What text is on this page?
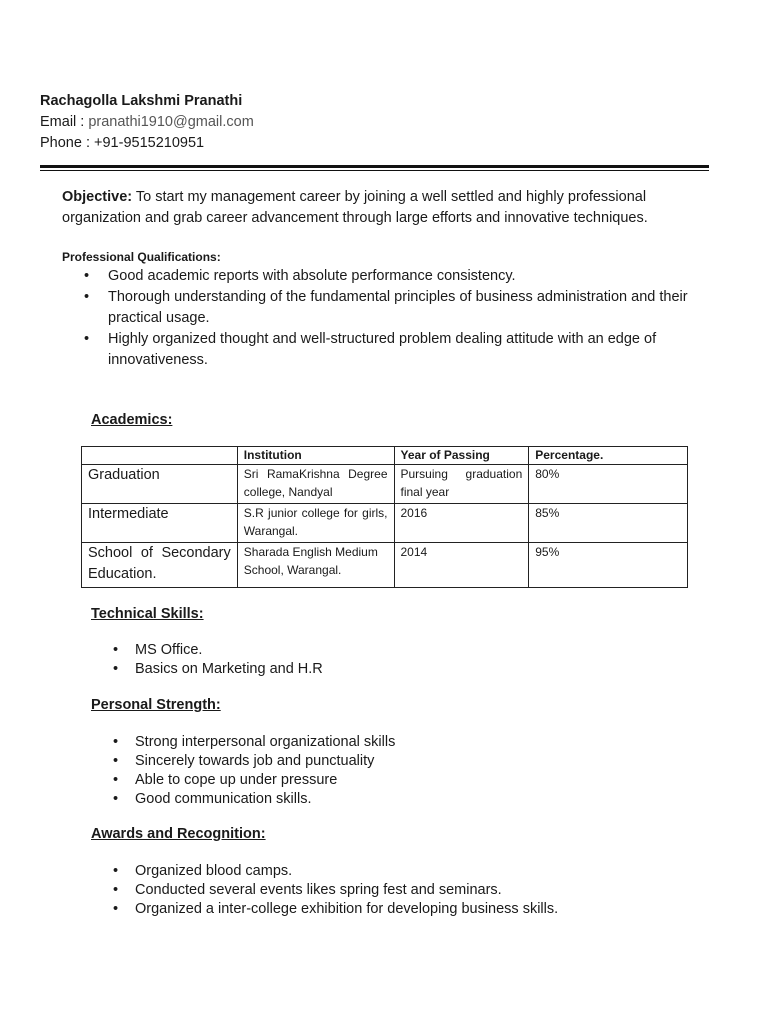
Rachagolla Lakshmi Pranathi
Email : pranathi1910@gmail.com
Phone : +91-9515210951
Objective: To start my management career by joining a well settled and highly professional organization and grab career advancement through large efforts and innovative techniques.
Professional Qualifications:
• Good academic reports with absolute performance consistency.
• Thorough understanding of the fundamental principles of business administration and their practical usage.
• Highly organized thought and well-structured problem dealing attitude with an edge of innovativeness.
Academics:
	Institution	Year of Passing	Percentage.
Graduation	Sri RamaKrishna Degree college, Nandyal	Pursuing graduation final year	80%
Intermediate	S.R junior college for girls, Warangal.	2016	85%
School of Secondary Education.	Sharada English Medium School, Warangal.	2014	95%
Technical Skills:
• MS Office.
• Basics on Marketing and H.R
Personal Strength:
• Strong interpersonal organizational skills
• Sincerely towards job and punctuality
• Able to cope up under pressure
• Good communication skills.
Awards and Recognition:
• Organized blood camps.
• Conducted several events likes spring fest and seminars.
• Organized a inter-college exhibition for developing business skills.
